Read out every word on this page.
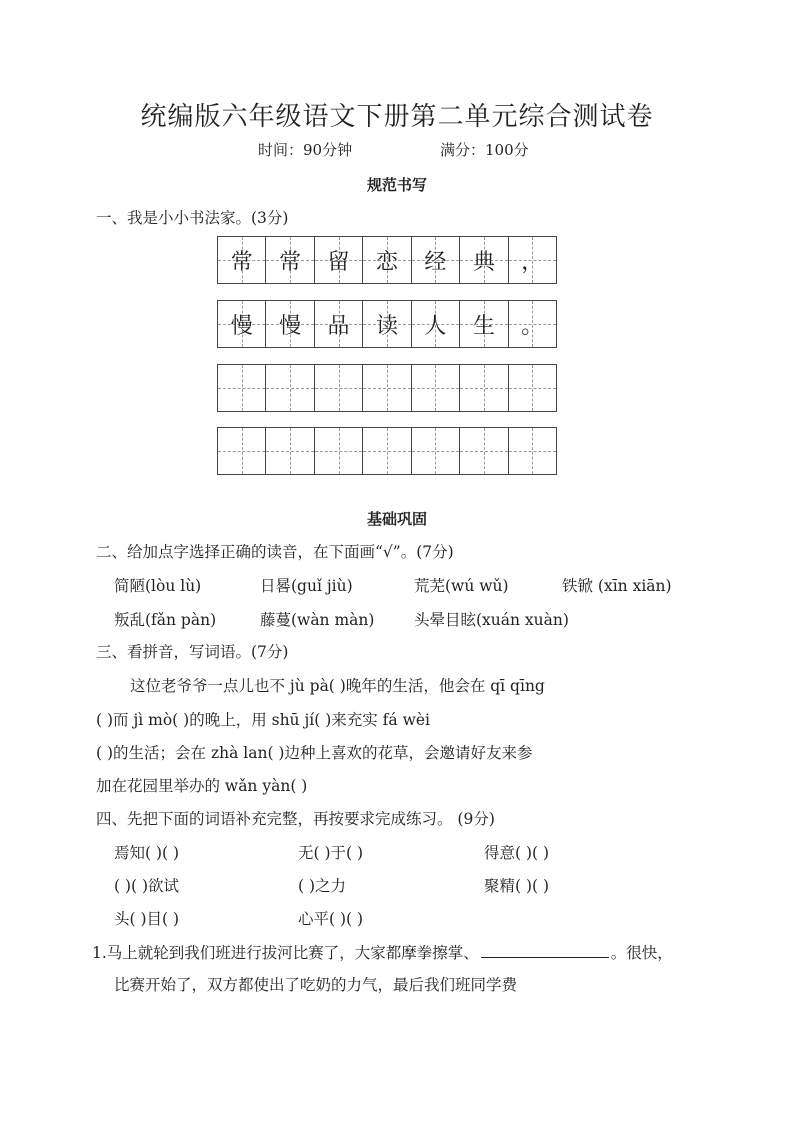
统编版六年级语文下册第二单元综合测试卷
时间：90分钟	满分：100分
规范书写
一、我是小小书法家。(3分)
常 常 留 恋 经 典 ，
慢 慢 品 读 人 生 。
基础巩固
二、给加点字选择正确的读音，在下面画“√”。(7分)
简陋(lòu lù)	日晷(guǐ jiù)	荒芜(wú wǔ)	铁锨 (xīn xiān)
叛乱(fǎn pàn)	藤蔓(wàn màn)	头晕目眩(xuán xuàn)
三、看拼音，写词语。(7分)
这位老爷爷一点儿也不 jù pà( )晚年的生活，他会在 qī qīng
( )而 jì mò( )的晚上，用 shū jí( )来充实 fá wèi
( )的生活；会在 zhà lan( )边种上喜欢的花草，会邀请好友来参
加在花园里举办的 wǎn yàn( )
四、先把下面的词语补充完整，再按要求完成练习。 (9分)
焉知( )( )	无( )于( )	得意( )( )
( )( )欲试	( )之力	聚精( )( )
头( )目( )	心平( )( )
1.马上就轮到我们班进行拔河比赛了，大家都摩拳擦掌、	。很快，
比赛开始了，双方都使出了吃奶的力气，最后我们班同学费
